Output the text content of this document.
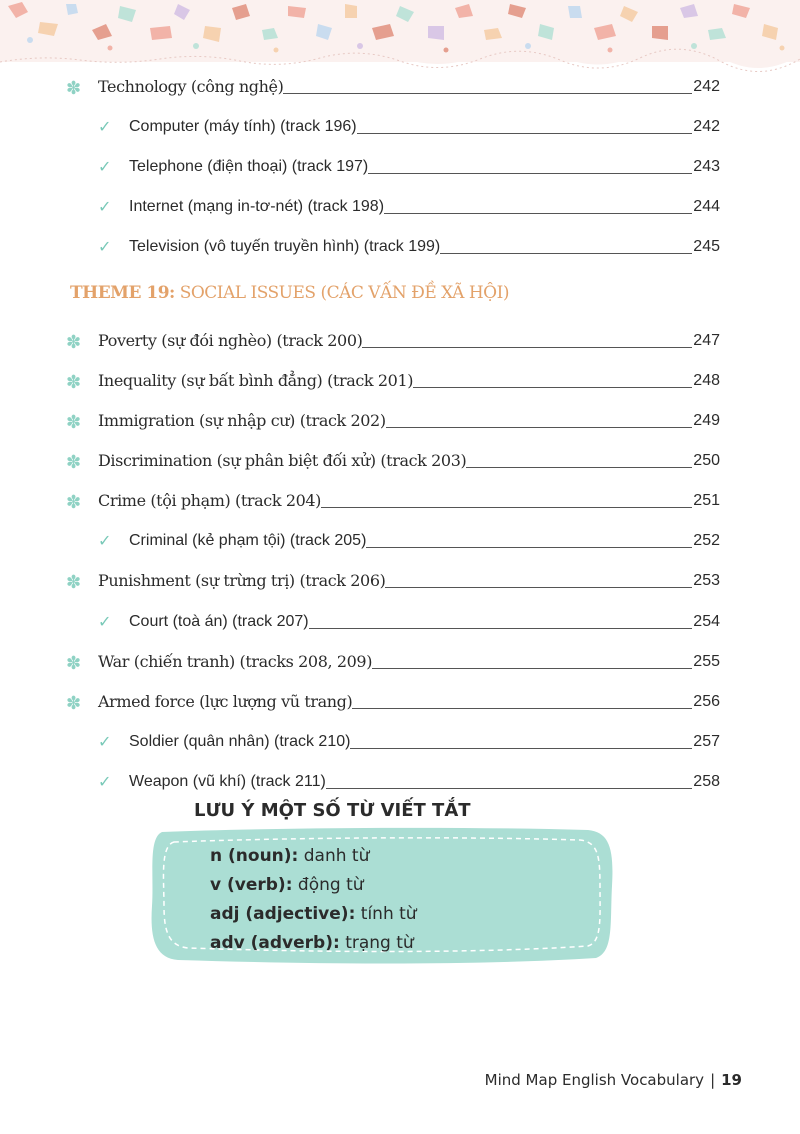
✽ Technology (công nghệ)	242
✓ Computer (máy tính) (track 196)	242
✓ Telephone (điện thoại) (track 197)	243
✓ Internet (mạng in-tơ-nét) (track 198)	244
✓ Television (vô tuyến truyền hình) (track 199)	245
THEME 19: SOCIAL ISSUES (CÁC VẤN ĐỀ XÃ HỘI)
✽ Poverty (sự đói nghèo) (track 200)	247
✽ Inequality (sự bất bình đẳng) (track 201)	248
✽ Immigration (sự nhập cư) (track 202)	249
✽ Discrimination (sự phân biệt đối xử) (track 203)	250
✽ Crime (tội phạm) (track 204)	251
✓ Criminal (kẻ phạm tội) (track 205)	252
✽ Punishment (sự trừng trị) (track 206)	253
✓ Court (toà án) (track 207)	254
✽ War (chiến tranh) (tracks 208, 209)	255
✽ Armed force (lực lượng vũ trang)	256
✓ Soldier (quân nhân) (track 210)	257
✓ Weapon (vũ khí) (track 211)	258
LƯU Ý MỘT SỐ TỪ VIẾT TẮT
n (noun): danh từ
v (verb): động từ
adj (adjective): tính từ
adv (adverb): trạng từ
Mind Map English Vocabulary | 19
